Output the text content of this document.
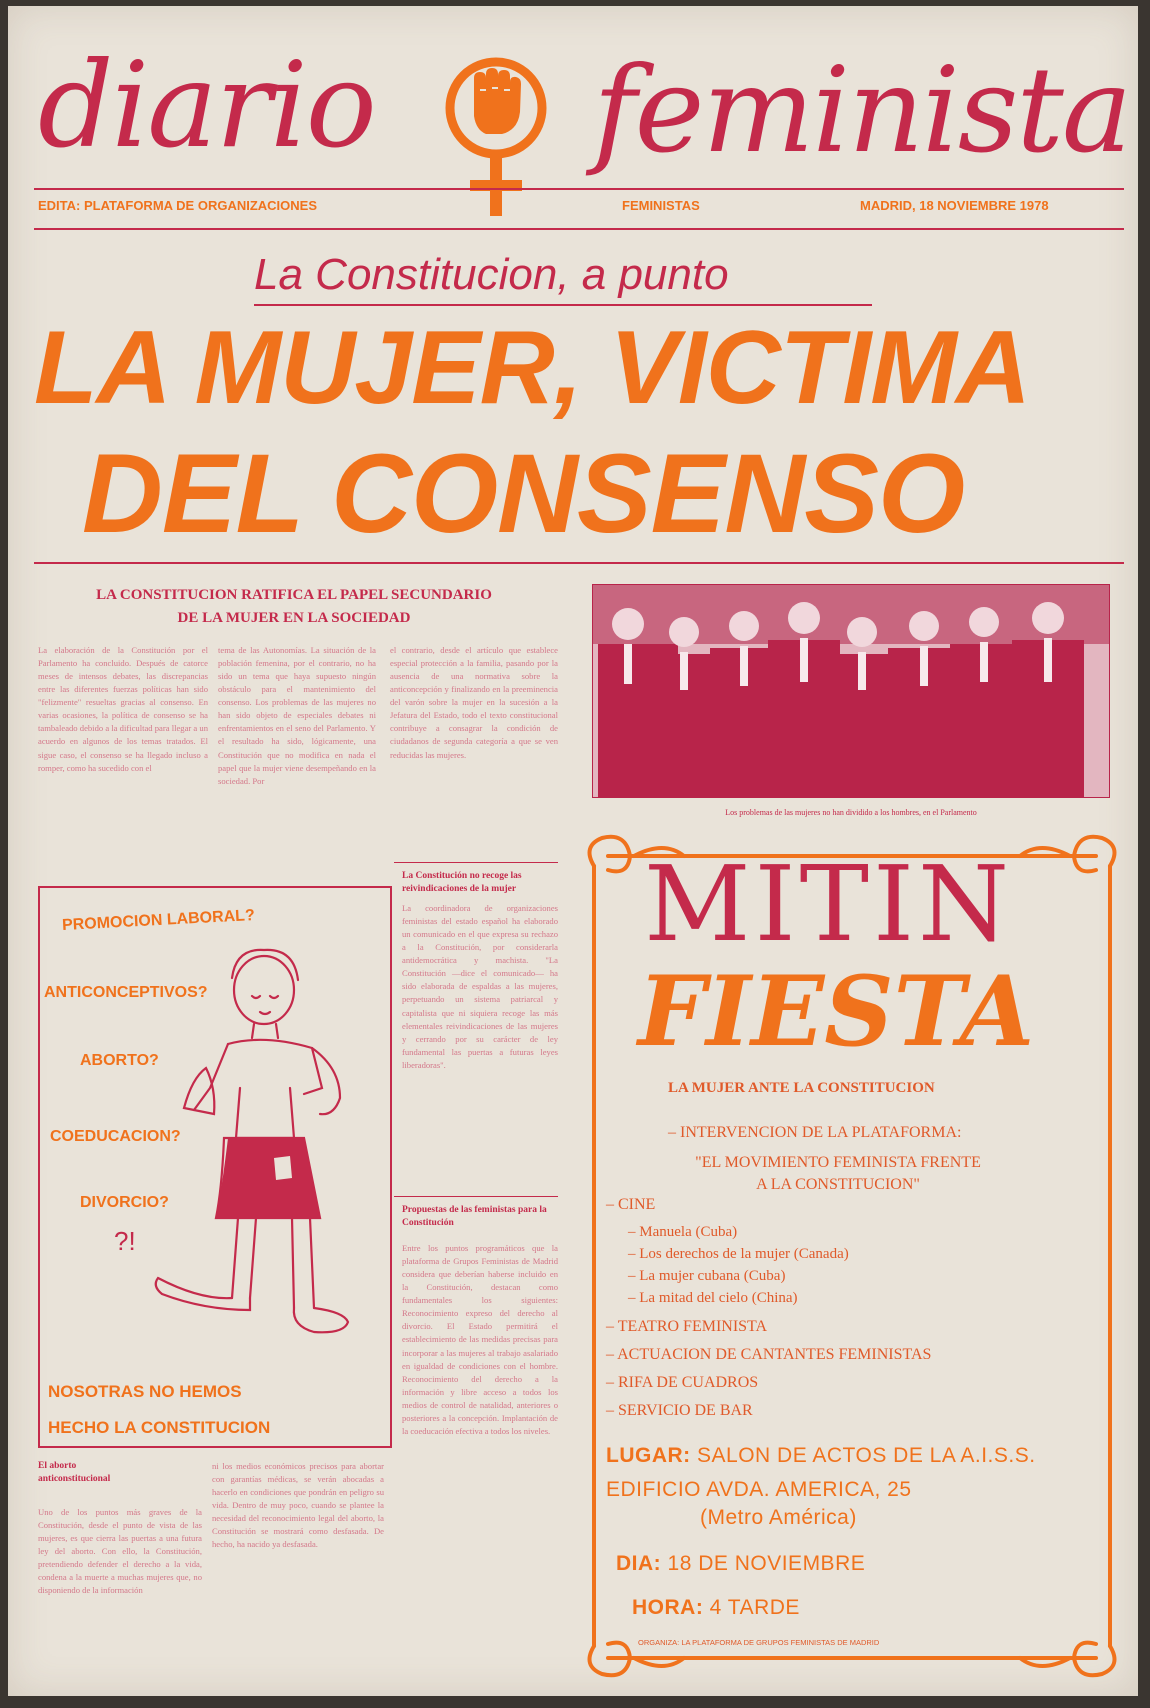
diario feminista
EDITA: PLATAFORMA DE ORGANIZACIONES	FEMINISTAS	MADRID, 18 NOVIEMBRE 1978
La Constitucion, a punto
LA MUJER, VICTIMA
DEL CONSENSO
LA CONSTITUCION RATIFICA EL PAPEL SECUNDARIO
DE LA MUJER EN LA SOCIEDAD
La elaboración de la Constitución por el Parlamento ha concluido. Después de catorce meses de intensos debates, las discrepancias entre las diferentes fuerzas políticas han sido "felizmente" resueltas gracias al consenso. En varias ocasiones, la política de consenso se ha tambaleado debido a la dificultad para llegar a un acuerdo en algunos de los temas tratados. El sigue caso, el consenso se ha llegado incluso a romper, como ha sucedido con el
tema de las Autonomías. La situación de la población femenina, por el contrario, no ha sido un tema que haya supuesto ningún obstáculo para el mantenimiento del consenso. Los problemas de las mujeres no han sido objeto de especiales debates ni enfrentamientos en el seno del Parlamento. Y el resultado ha sido, lógicamente, una Constitución que no modifica en nada el papel que la mujer viene desempeñando en la sociedad. Por
el contrario, desde el artículo que establece especial protección a la familia, pasando por la ausencia de una normativa sobre la anticoncepción y finalizando en la preeminencia del varón sobre la mujer en la sucesión a la Jefatura del Estado, todo el texto constitucional contribuye a consagrar la condición de ciudadanos de segunda categoría a que se ven reducidas las mujeres.
Los problemas de las mujeres no han dividido a los hombres, en el Parlamento
PROMOCION LABORAL?
ANTICONCEPTIVOS?
ABORTO?
COEDUCACION?
DIVORCIO?
?!
NOSOTRAS NO HEMOS
HECHO LA CONSTITUCION
La Constitución no recoge las reivindicaciones de la mujer
La coordinadora de organizaciones feministas del estado español ha elaborado un comunicado en el que expresa su rechazo a la Constitución, por considerarla antidemocrática y machista. "La Constitución —dice el comunicado— ha sido elaborada de espaldas a las mujeres, perpetuando un sistema patriarcal y capitalista que ni siquiera recoge las más elementales reivindicaciones de las mujeres y cerrando por su carácter de ley fundamental las puertas a futuras leyes liberadoras".
Propuestas de las feministas para la Constitución
Entre los puntos programáticos que la plataforma de Grupos Feministas de Madrid considera que deberían haberse incluido en la Constitución, destacan como fundamentales los siguientes: Reconocimiento expreso del derecho al divorcio. El Estado permitirá el establecimiento de las medidas precisas para incorporar a las mujeres al trabajo asalariado en igualdad de condiciones con el hombre. Reconocimiento del derecho a la información y libre acceso a todos los medios de control de natalidad, anteriores o posteriores a la concepción. Implantación de la coeducación efectiva a todos los niveles.
El aborto anticonstitucional
Uno de los puntos más graves de la Constitución, desde el punto de vista de las mujeres, es que cierra las puertas a una futura ley del aborto. Con ello, la Constitución, pretendiendo defender el derecho a la vida, condena a la muerte a muchas mujeres que, no disponiendo de la información
ni los medios económicos precisos para abortar con garantías médicas, se verán abocadas a hacerlo en condiciones que pondrán en peligro su vida. Dentro de muy poco, cuando se plantee la necesidad del reconocimiento legal del aborto, la Constitución se mostrará como desfasada. De hecho, ha nacido ya desfasada.
MITIN
FIESTA
LA MUJER ANTE LA CONSTITUCION
– INTERVENCION DE LA PLATAFORMA:
"EL MOVIMIENTO FEMINISTA FRENTE
A LA CONSTITUCION"
– CINE
– Manuela (Cuba)
– Los derechos de la mujer (Canada)
– La mujer cubana (Cuba)
– La mitad del cielo (China)
– TEATRO FEMINISTA
– ACTUACION DE CANTANTES FEMINISTAS
– RIFA DE CUADROS
– SERVICIO DE BAR
LUGAR: SALON DE ACTOS DE LA A.I.S.S.
EDIFICIO AVDA. AMERICA, 25
(Metro América)
DIA: 18 DE NOVIEMBRE
HORA: 4 TARDE
ORGANIZA: LA PLATAFORMA DE GRUPOS FEMINISTAS DE MADRID
